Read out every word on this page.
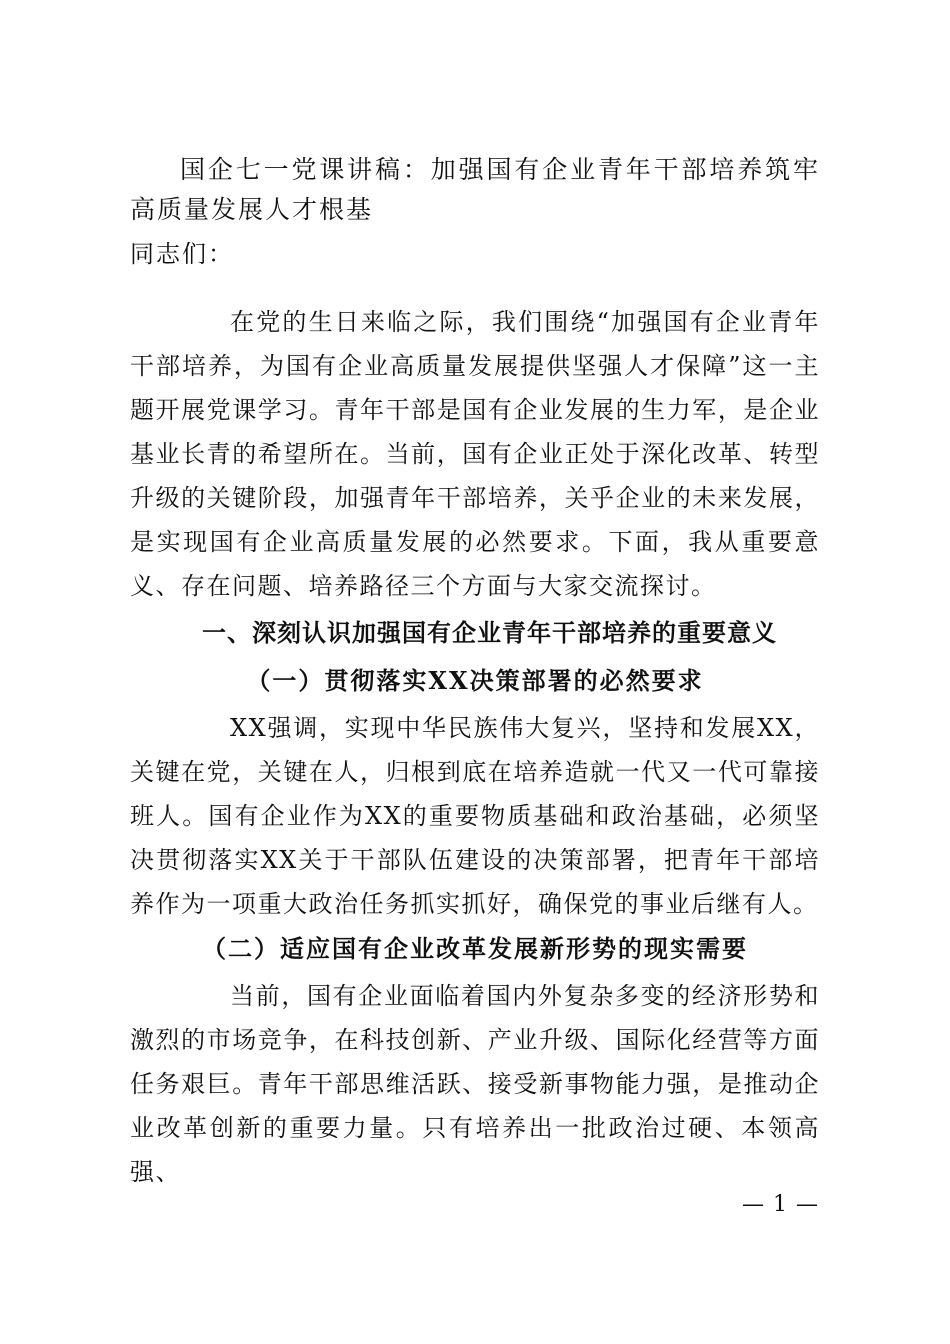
国企七一党课讲稿：加强国有企业青年干部培养筑牢高质量发展人才根基

同志们：

在党的生日来临之际，我们围绕“加强国有企业青年干部培养，为国有企业高质量发展提供坚强人才保障”这一主题开展党课学习。青年干部是国有企业发展的生力军，是企业基业长青的希望所在。当前，国有企业正处于深化改革、转型升级的关键阶段，加强青年干部培养，关乎企业的未来发展，是实现国有企业高质量发展的必然要求。下面，我从重要意义、存在问题、培养路径三个方面与大家交流探讨。

一、深刻认识加强国有企业青年干部培养的重要意义

（一）贯彻落实XX决策部署的必然要求

XX强调，实现中华民族伟大复兴，坚持和发展XX，关键在党，关键在人，归根到底在培养造就一代又一代可靠接班人。国有企业作为XX的重要物质基础和政治基础，必须坚决贯彻落实XX关于干部队伍建设的决策部署，把青年干部培养作为一项重大政治任务抓实抓好，确保党的事业后继有人。

（二）适应国有企业改革发展新形势的现实需要

当前，国有企业面临着国内外复杂多变的经济形势和激烈的市场竞争，在科技创新、产业升级、国际化经营等方面任务艰巨。青年干部思维活跃、接受新事物能力强，是推动企业改革创新的重要力量。只有培养出一批政治过硬、本领高强、

— 1 —
